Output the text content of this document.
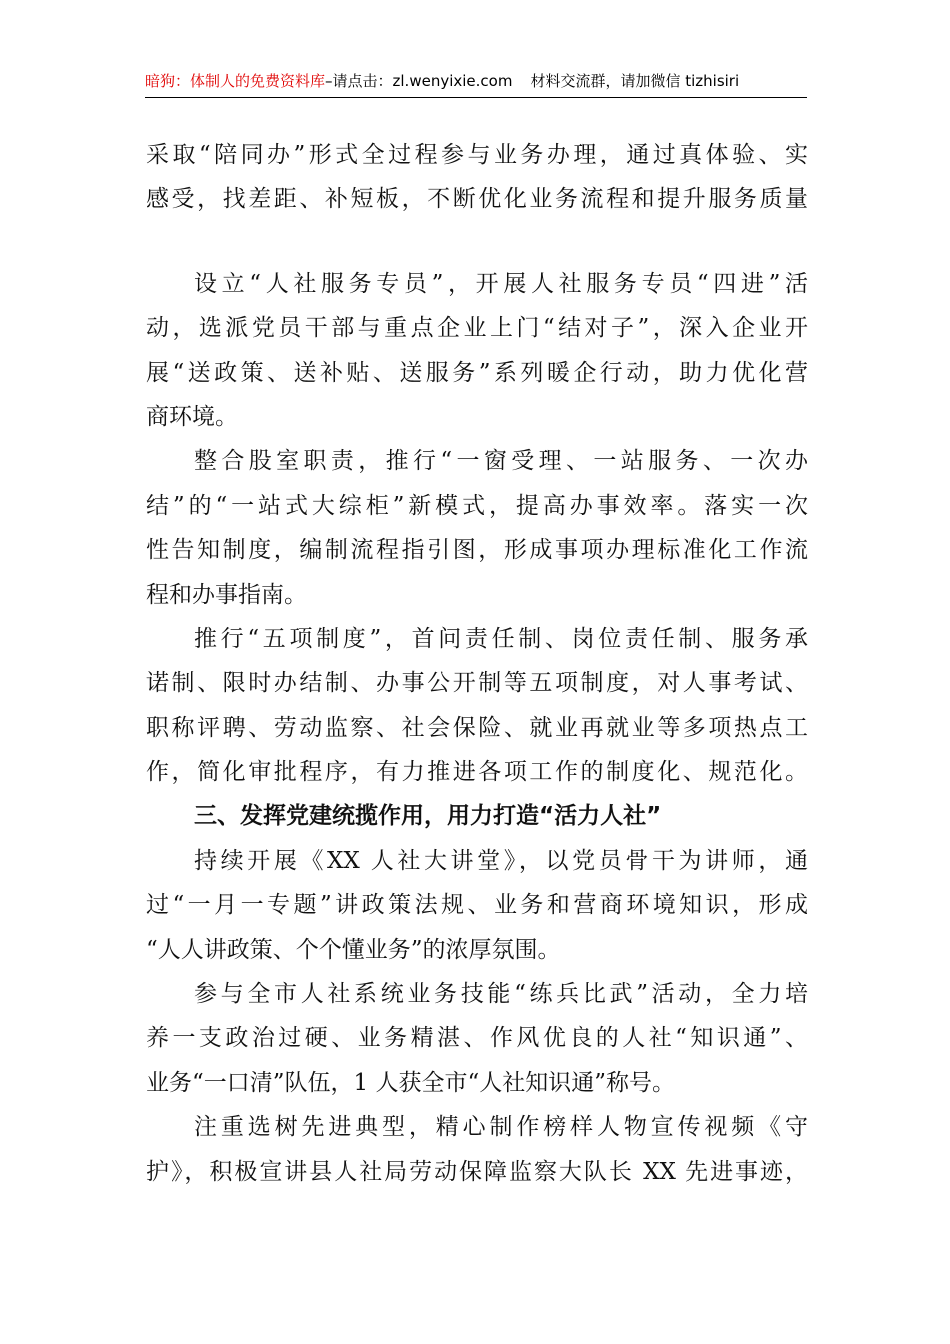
暗狗：体制人的免费资料库–请点击：zl.wenyixie.com 材料交流群，请加微信 tizhisiri
采取“陪同办”形式全过程参与业务办理，通过真体验、实
感受，找差距、补短板，不断优化业务流程和提升服务质量
设立“人社服务专员”，开展人社服务专员“四进”活
动，选派党员干部与重点企业上门“结对子”，深入企业开
展“送政策、送补贴、送服务”系列暖企行动，助力优化营
商环境。
整合股室职责，推行“一窗受理、一站服务、一次办
结”的“一站式大综柜”新模式，提高办事效率。落实一次
性告知制度，编制流程指引图，形成事项办理标准化工作流
程和办事指南。
推行“五项制度”，首问责任制、岗位责任制、服务承
诺制、限时办结制、办事公开制等五项制度，对人事考试、
职称评聘、劳动监察、社会保险、就业再就业等多项热点工
作，简化审批程序，有力推进各项工作的制度化、规范化。
三、发挥党建统揽作用，用力打造“活力人社”
持续开展《XX 人社大讲堂》，以党员骨干为讲师，通
过“一月一专题”讲政策法规、业务和营商环境知识，形成
“人人讲政策、个个懂业务”的浓厚氛围。
参与全市人社系统业务技能“练兵比武”活动，全力培
养一支政治过硬、业务精湛、作风优良的人社“知识通”、
业务“一口清”队伍，1 人获全市“人社知识通”称号。
注重选树先进典型，精心制作榜样人物宣传视频《守
护》，积极宣讲县人社局劳动保障监察大队长 XX 先进事迹，
